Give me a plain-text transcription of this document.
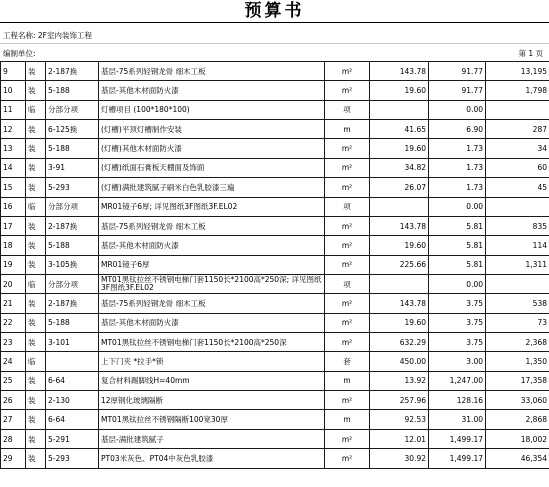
预算书
工程名称: 2F室内装饰工程
编制单位:	第 1 页
9	装	2-187换	基层-75系列轻钢龙骨 细木工板	m²	143.78	91.77	13,195
10	装	5-188	基层-其他木材面防火漆	m²	19.60	91.77	1,798
11	临	分部分项	灯槽项目 (100*180*100)	项		0.00	
12	装	6-125换	(灯槽)平顶灯槽制作安装	m	41.65	6.90	287
13	装	5-188	(灯槽)其他木材面防火漆	m²	19.60	1.73	34
14	装	3-91	(灯槽)纸面石膏板天棚面及饰面	m²	34.82	1.73	60
15	装	5-293	(灯槽)满批建筑腻子刷米白色乳胶漆三遍	m²	26.07	1.73	45
16	临	分部分项	MR01镜子6厚; 详见图纸3F图纸3F.EL02	项		0.00	
17	装	2-187换	基层-75系列轻钢龙骨 细木工板	m²	143.78	5.81	835
18	装	5-188	基层-其他木材面防火漆	m²	19.60	5.81	114
19	装	3-105换	MR01镜子6厚	m²	225.66	5.81	1,311
20	临	分部分项	MT01黑钛拉丝不锈钢电梯门套1150长*2100高*250深; 详见图纸3F图纸3F.EL02	项		0.00	
21	装	2-187换	基层-75系列轻钢龙骨 细木工板	m²	143.78	3.75	538
22	装	5-188	基层-其他木材面防火漆	m²	19.60	3.75	73
23	装	3-101	MT01黑钛拉丝不锈钢电梯门套1150长*2100高*250深	m²	632.29	3.75	2,368
24	临		上下门夹 *拉手*锁	套	450.00	3.00	1,350
25	装	6-64	复合材料踢脚线H=40mm	m	13.92	1,247.00	17,358
26	装	2-130	12厚钢化玻璃隔断	m²	257.96	128.16	33,060
27	装	6-64	MT01黑钛拉丝不锈钢隔断100宽30厚	m	92.53	31.00	2,868
28	装	5-291	基层-满批建筑腻子	m²	12.01	1,499.17	18,002
29	装	5-293	PT03米灰色、PT04中灰色乳胶漆	m²	30.92	1,499.17	46,354
